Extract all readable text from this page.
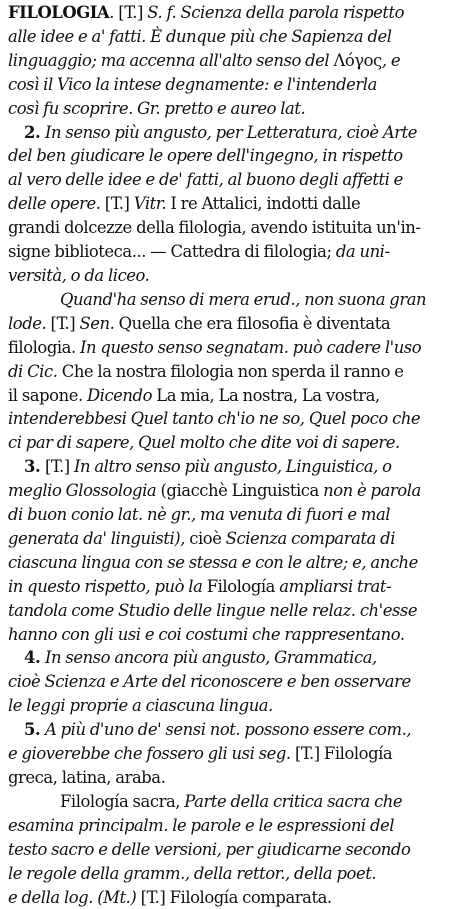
FILOLOGIA. [T.] S. f. Scienza della parola rispetto
alle idee e a' fatti. È dunque più che Sapienza del
linguaggio; ma accenna all'alto senso del Λόγος, e
così il Vico la intese degnamente: e l'intenderla
così fu scoprire. Gr. pretto e aureo lat.
2. In senso più angusto, per Letteratura, cioè Arte
del ben giudicare le opere dell'ingegno, in rispetto
al vero delle idee e de' fatti, al buono degli affetti e
delle opere. [T.] Vitr. I re Attalici, indotti dalle
grandi dolcezze della filologia, avendo istituita un'in-
signe biblioteca... — Cattedra di filologia; da uni-
versità, o da liceo.
Quand'ha senso di mera erud., non suona gran
lode. [T.] Sen. Quella che era filosofia è diventata
filologia. In questo senso segnatam. può cadere l'uso
di Cic. Che la nostra filologia non sperda il ranno e
il sapone. Dicendo La mia, La nostra, La vostra,
intenderebbesi Quel tanto ch'io ne so, Quel poco che
ci par di sapere, Quel molto che dite voi di sapere.
3. [T.] In altro senso più angusto, Linguistica, o
meglio Glossologia (giacchè Linguistica non è parola
di buon conio lat. nè gr., ma venuta di fuori e mal
generata da' linguisti), cioè Scienza comparata di
ciascuna lingua con se stessa e con le altre; e, anche
in questo rispetto, può la Filología ampliarsi trat-
tandola come Studio delle lingue nelle relaz. ch'esse
hanno con gli usi e coi costumi che rappresentano.
4. In senso ancora più angusto, Grammatica,
cioè Scienza e Arte del riconoscere e ben osservare
le leggi proprie a ciascuna lingua.
5. A più d'uno de' sensi not. possono essere com.,
e gioverebbe che fossero gli usi seg. [T.] Filología
greca, latina, araba.
Filología sacra, Parte della critica sacra che
esamina principalm. le parole e le espressioni del
testo sacro e delle versioni, per giudicarne secondo
le regole della gramm., della rettor., della poet.
e della log. (Mt.) [T.] Filología comparata.
